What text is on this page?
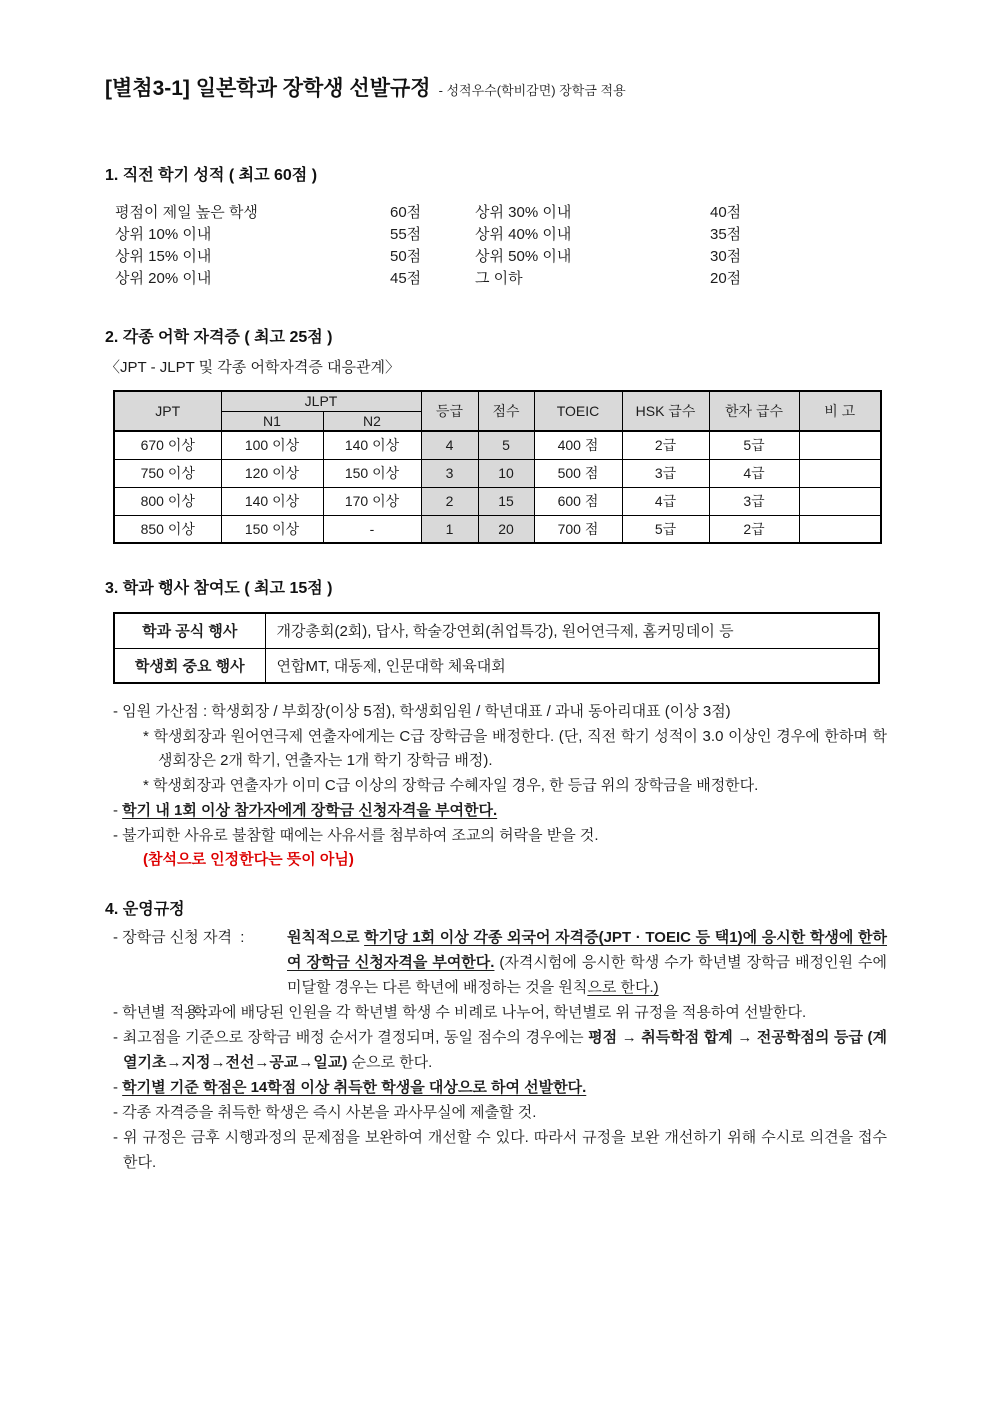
[별첨3-1] 일본학과 장학생 선발규정 - 성적우수(학비감면) 장학금 적용
1. 직전 학기 성적 ( 최고 60점 )
평점이 제일 높은 학생	60점	상위 30% 이내	40점
상위 10% 이내	55점	상위 40% 이내	35점
상위 15% 이내	50점	상위 50% 이내	30점
상위 20% 이내	45점	그 이하	20점
2. 각종 어학 자격증 ( 최고 25점 )
〈JPT - JLPT 및 각종 어학자격증 대응관계〉
JPT	JLPT		등급	점수	TOEIC	HSK 급수	한자 급수	비 고
	N1	N2						
670 이상	100 이상	140 이상	4	5	400 점	2급	5급	
750 이상	120 이상	150 이상	3	10	500 점	3급	4급	
800 이상	140 이상	170 이상	2	15	600 점	4급	3급	
850 이상	150 이상	-	1	20	700 점	5급	2급	
3. 학과 행사 참여도 ( 최고 15점 )
학과 공식 행사	개강총회(2회), 답사, 학술강연회(취업특강), 원어연극제, 홈커밍데이 등
학생회 중요 행사	연합MT, 대동제, 인문대학 체육대회
- 임원 가산점 : 학생회장 / 부회장(이상 5점), 학생회임원 / 학년대표 / 과내 동아리대표 (이상 3점)
* 학생회장과 원어연극제 연출자에게는 C급 장학금을 배정한다. (단, 직전 학기 성적이 3.0 이상인 경우에 한하며 학생회장은 2개 학기, 연출자는 1개 학기 장학금 배정).
* 학생회장과 연출자가 이미 C급 이상의 장학금 수혜자일 경우, 한 등급 위의 장학금을 배정한다.
- 학기 내 1회 이상 참가자에게 장학금 신청자격을 부여한다.
- 불가피한 사유로 불참할 때에는 사유서를 첨부하여 조교의 허락을 받을 것.
(참석으로 인정한다는 뜻이 아님)
4. 운영규정
- 장학금 신청 자격  :	원칙적으로 학기당 1회 이상 각종 외국어 자격증(JPT · TOEIC 등 택1)에 응시한 학생에 한하여 장학금 신청자격을 부여한다. (자격시험에 응시한 학생 수가 학년별 장학금 배정인원 수에 미달할 경우는 다른 학년에 배정하는 것을 원칙으로 한다.)
- 학년별 적용 :
학과에 배당된 인원을 각 학년별 학생 수 비례로 나누어, 학년별로 위 규정을 적용하여 선발한다.
- 최고점을 기준으로 장학금 배정 순서가 결정되며, 동일 점수의 경우에는 평점 → 취득학점 합계 → 전공학점의 등급 (계열기초→지정→전선→공교→일교) 순으로 한다.
- 학기별 기준 학점은 14학점 이상 취득한 학생을 대상으로 하여 선발한다.
- 각종 자격증을 취득한 학생은 즉시 사본을 과사무실에 제출할 것.
- 위 규정은 금후 시행과정의 문제점을 보완하여 개선할 수 있다. 따라서 규정을 보완 개선하기 위해 수시로 의견을 접수한다.
